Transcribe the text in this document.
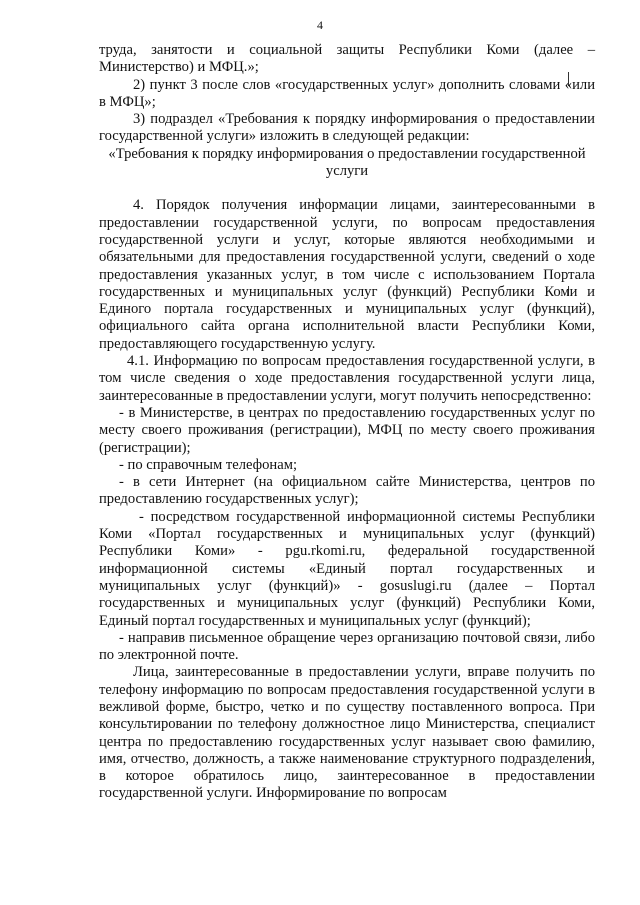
4

труда, занятости и социальной защиты Республики Коми (далее – Министерство) и МФЦ.»;

2) пункт 3 после слов «государственных услуг» дополнить словами «или в МФЦ»;

3) подраздел «Требования к порядку информирования о предоставлении государственной услуги» изложить в следующей редакции:

«Требования к порядку информирования о предоставлении государственной услуги

4. Порядок получения информации лицами, заинтересованными в предоставлении государственной услуги, по вопросам предоставления государственной услуги и услуг, которые являются необходимыми и обязательными для предоставления государственной услуги, сведений о ходе предоставления указанных услуг, в том числе с использованием Портала государственных и муниципальных услуг (функций) Республики Коми и Единого портала государственных и муниципальных услуг (функций), официального сайта органа исполнительной власти Республики Коми, предоставляющего государственную услугу.

4.1. Информацию по вопросам предоставления государственной услуги, в том числе сведения о ходе предоставления государственной услуги лица, заинтересованные в предоставлении услуги, могут получить непосредственно:

- в Министерстве, в центрах по предоставлению государственных услуг по месту своего проживания (регистрации), МФЦ по месту своего проживания (регистрации);

- по справочным телефонам;

- в сети Интернет (на официальном сайте Министерства, центров по предоставлению государственных услуг);

- посредством государственной информационной системы Республики Коми «Портал государственных и муниципальных услуг (функций) Республики Коми» - pgu.rkomi.ru, федеральной государственной информационной системы «Единый портал государственных и муниципальных услуг (функций)» - gosuslugi.ru (далее – Портал государственных и муниципальных услуг (функций) Республики Коми, Единый портал государственных и муниципальных услуг (функций);

- направив письменное обращение через организацию почтовой связи, либо по электронной почте.

Лица, заинтересованные в предоставлении услуги, вправе получить по телефону информацию по вопросам предоставления государственной услуги в вежливой форме, быстро, четко и по существу поставленного вопроса. При консультировании по телефону должностное лицо Министерства, специалист центра по предоставлению государственных услуг называет свою фамилию, имя, отчество, должность, а также наименование структурного подразделения, в которое обратилось лицо, заинтересованное в предоставлении государственной услуги. Информирование по вопросам
